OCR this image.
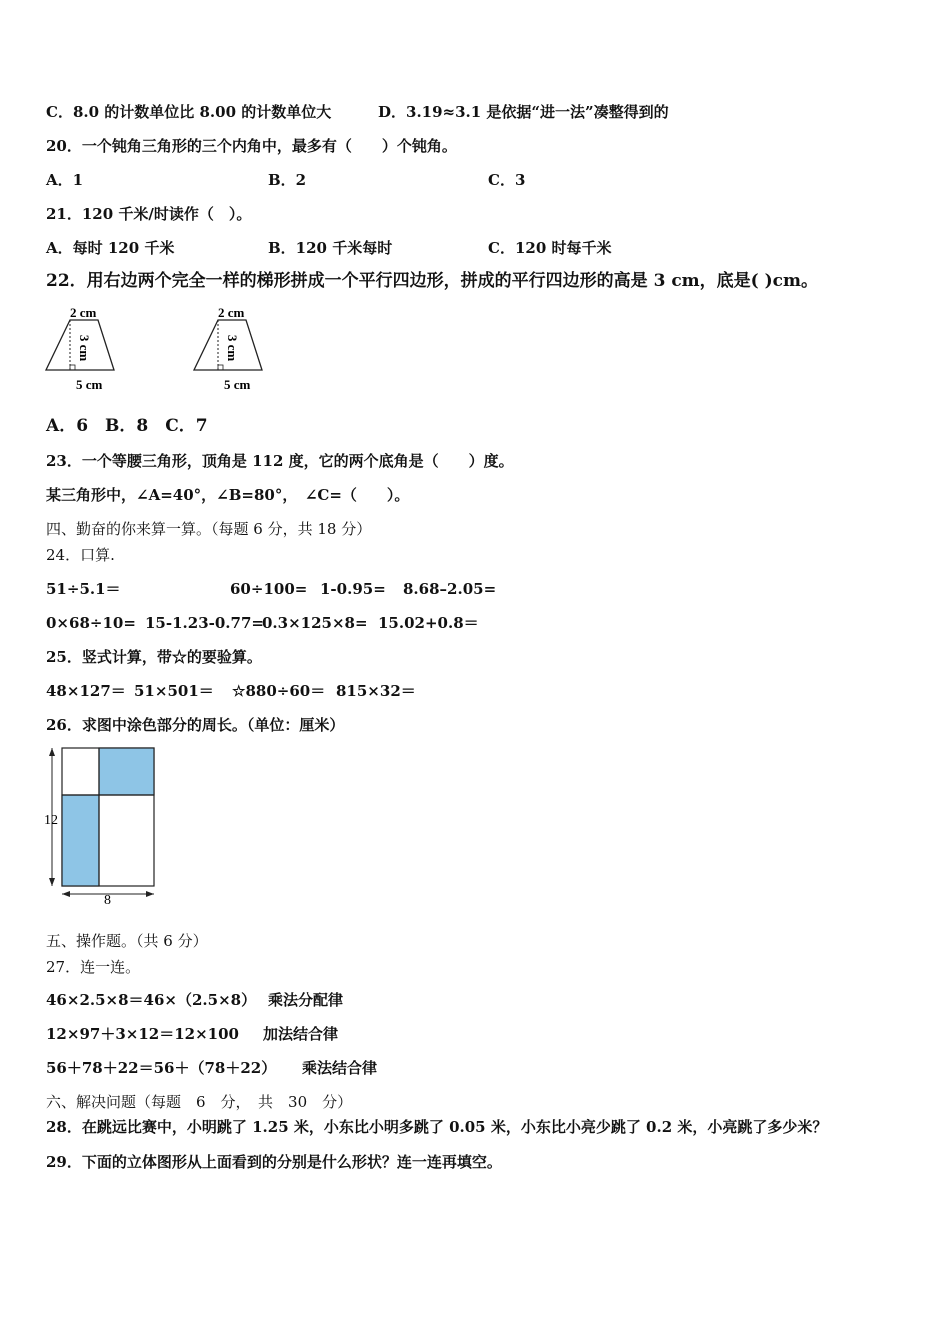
C．8.0 的计数单位比 8.00 的计数单位大	D．3.19≈3.1 是依据“进一法”凑整得到的
20．一个钝角三角形的三个内角中，最多有（　　）个钝角。
A．1	B．2	C．3
21．120 千米/时读作（　）。
A．每时 120 千米	B．120 千米每时	C．120 时每千米
22．用右边两个完全一样的梯形拼成一个平行四边形，拼成的平行四边形的高是 3 cm，底是( )cm。
2 cm
3 cm
5 cm
2 cm
3 cm
5 cm
A．6　B．8　C．7
23．一个等腰三角形，顶角是 112 度，它的两个底角是（　　）度。
某三角形中，∠A=40°，∠B=80°，　∠C=（　　）。
四、勤奋的你来算一算。（每题 6 分，共 18 分）
24．口算.
51÷5.1＝	60÷100= 1-0.95= 8.68–2.05=
0×68÷10= 15-1.23-0.77=
0.3×125×8= 15.02+0.8＝
25．竖式计算，带☆的要验算。
48×127＝ 51×501＝ ☆880÷60＝ 815×32＝
26．求图中涂色部分的周长。（单位：厘米）
12
8
五、操作题。（共 6 分）
27．连一连。
46×2.5×8＝46×（2.5×8） 乘法分配律
12×97＋3×12＝12×100 加法结合律
56＋78＋22＝56＋（78＋22） 乘法结合律
六、解决问题（每题　6　分，　共　30　分）
28．在跳远比赛中，小明跳了 1.25 米，小东比小明多跳了 0.05 米，小东比小亮少跳了 0.2 米，小亮跳了多少米？
29．下面的立体图形从上面看到的分别是什么形状？连一连再填空。
